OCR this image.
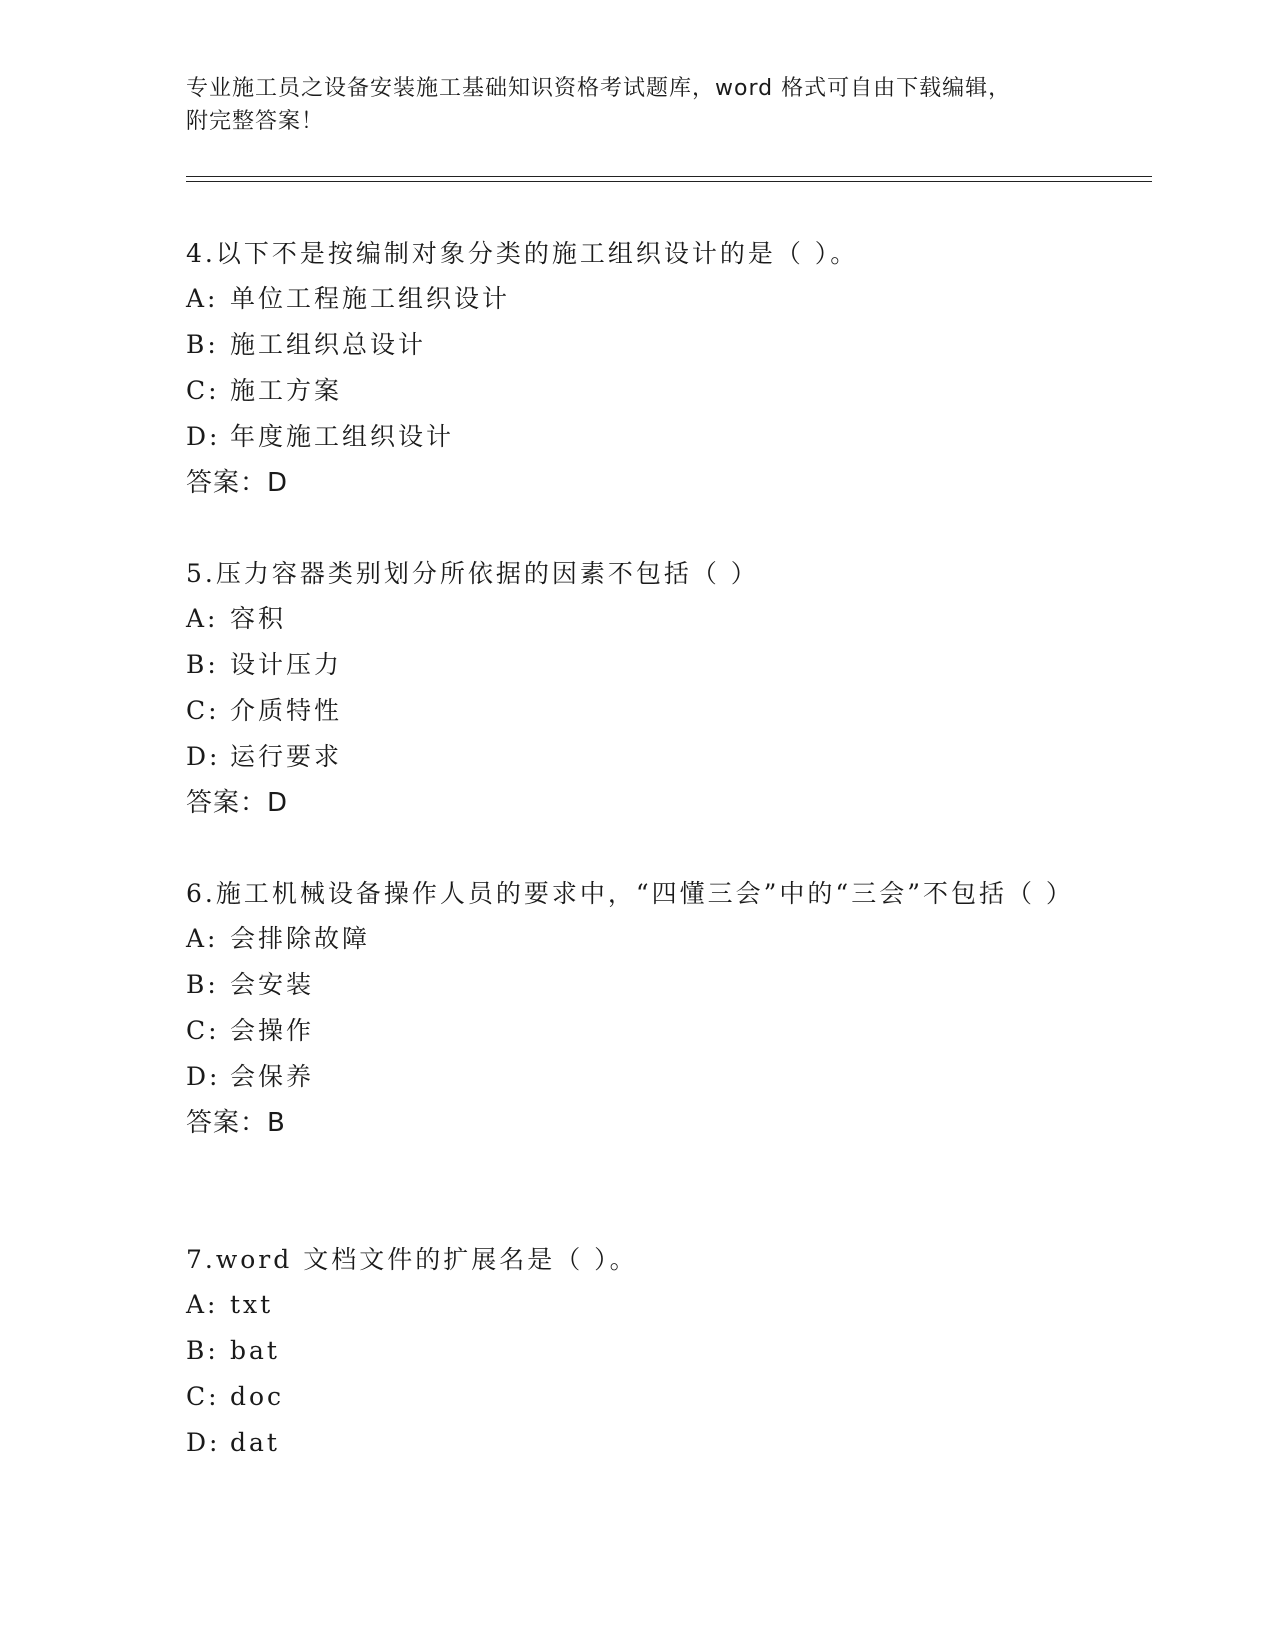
专业施工员之设备安装施工基础知识资格考试题库，word 格式可自由下载编辑，
附完整答案！

4.以下不是按编制对象分类的施工组织设计的是（ ）。

A: 单位工程施工组织设计

B: 施工组织总设计

C: 施工方案

D: 年度施工组织设计

答案：D

5.压力容器类别划分所依据的因素不包括（ ）

A: 容积

B: 设计压力

C: 介质特性

D: 运行要求

答案：D

6.施工机械设备操作人员的要求中，“四懂三会”中的“三会”不包括（ ）

A: 会排除故障

B: 会安装

C: 会操作

D: 会保养

答案：B

7.word 文档文件的扩展名是（ ）。

A: txt

B: bat

C: doc

D: dat
